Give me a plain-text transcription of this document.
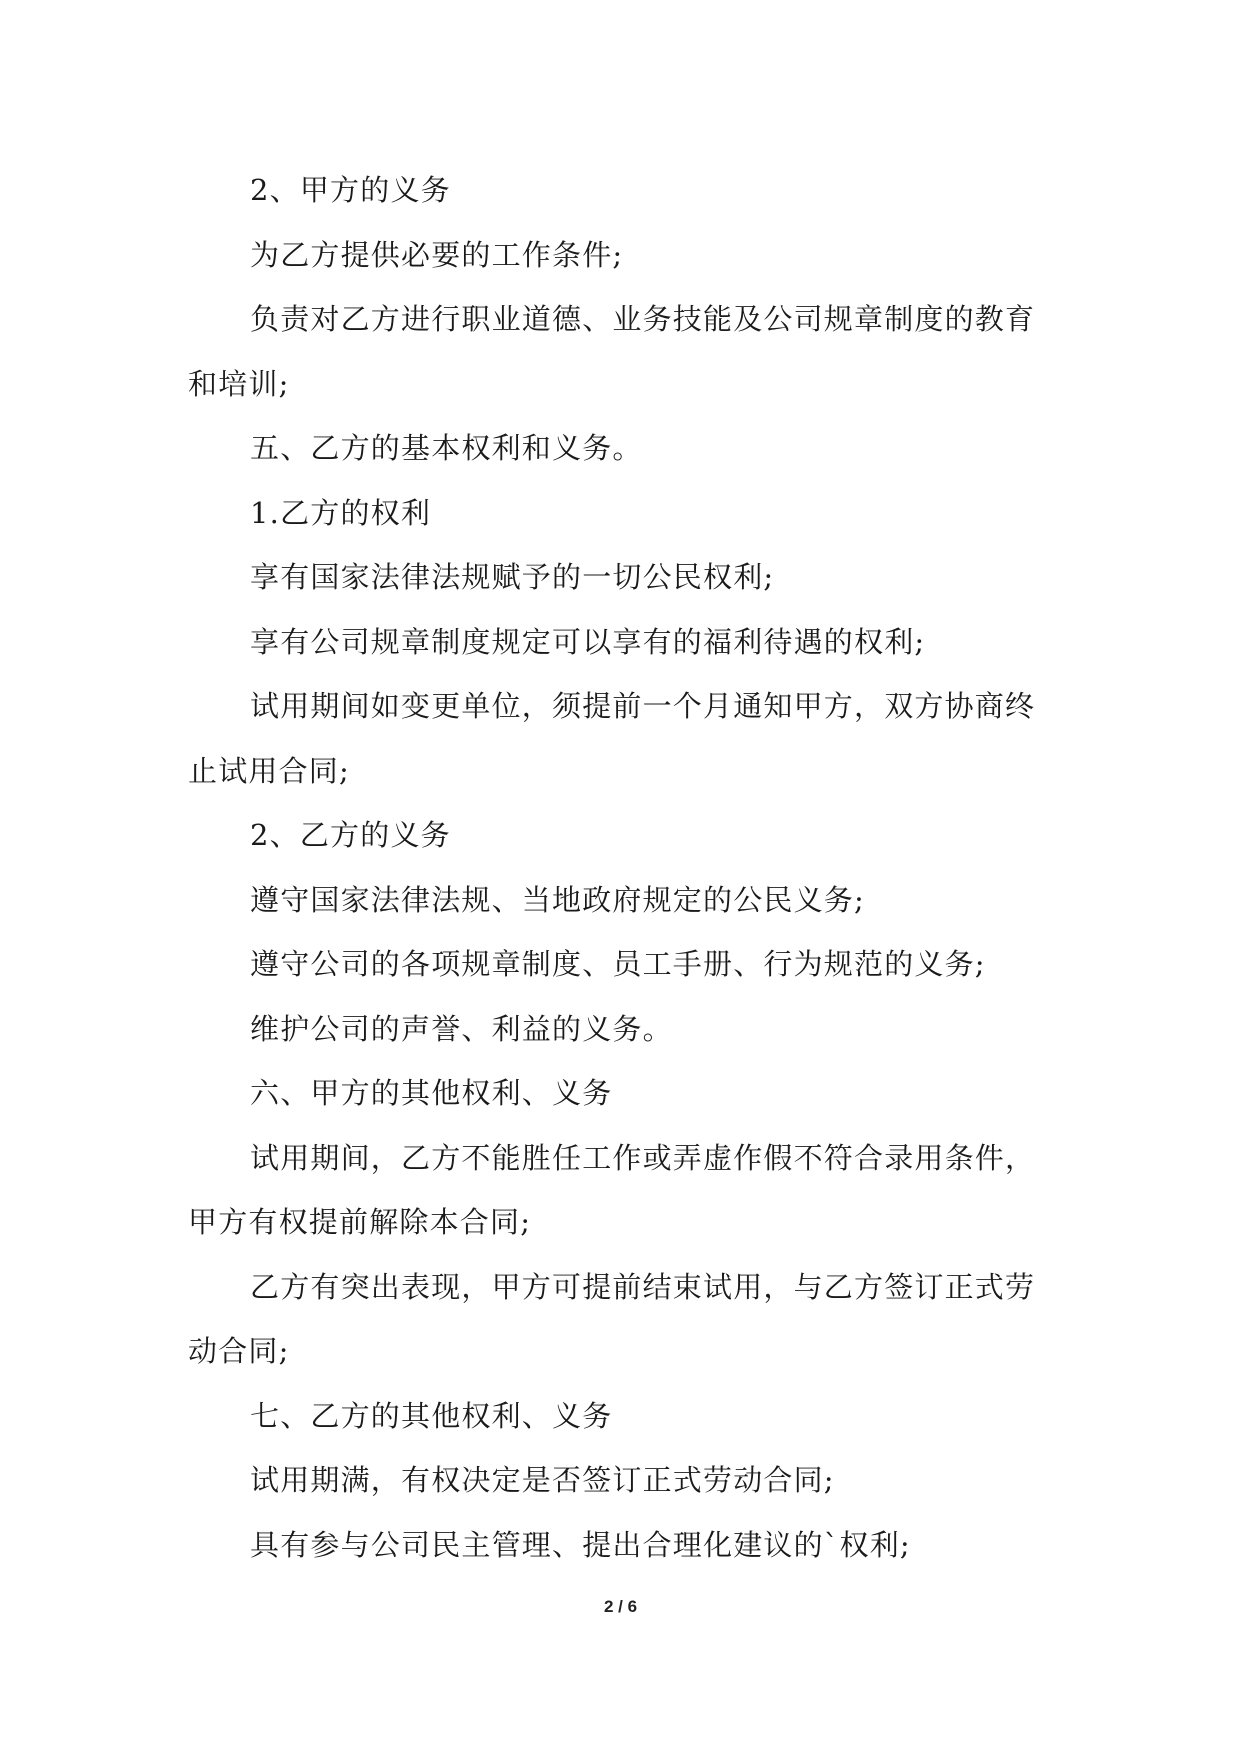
2、甲方的义务

为乙方提供必要的工作条件;

负责对乙方进行职业道德、业务技能及公司规章制度的教育和培训;

五、乙方的基本权利和义务。

1.乙方的权利

享有国家法律法规赋予的一切公民权利;

享有公司规章制度规定可以享有的福利待遇的权利;

试用期间如变更单位，须提前一个月通知甲方，双方协商终止试用合同;

2、乙方的义务

遵守国家法律法规、当地政府规定的公民义务;

遵守公司的各项规章制度、员工手册、行为规范的义务;

维护公司的声誉、利益的义务。

六、甲方的其他权利、义务

试用期间，乙方不能胜任工作或弄虚作假不符合录用条件，甲方有权提前解除本合同;

乙方有突出表现，甲方可提前结束试用，与乙方签订正式劳动合同;

七、乙方的其他权利、义务

试用期满，有权决定是否签订正式劳动合同;

具有参与公司民主管理、提出合理化建议的`权利;

2 / 6
